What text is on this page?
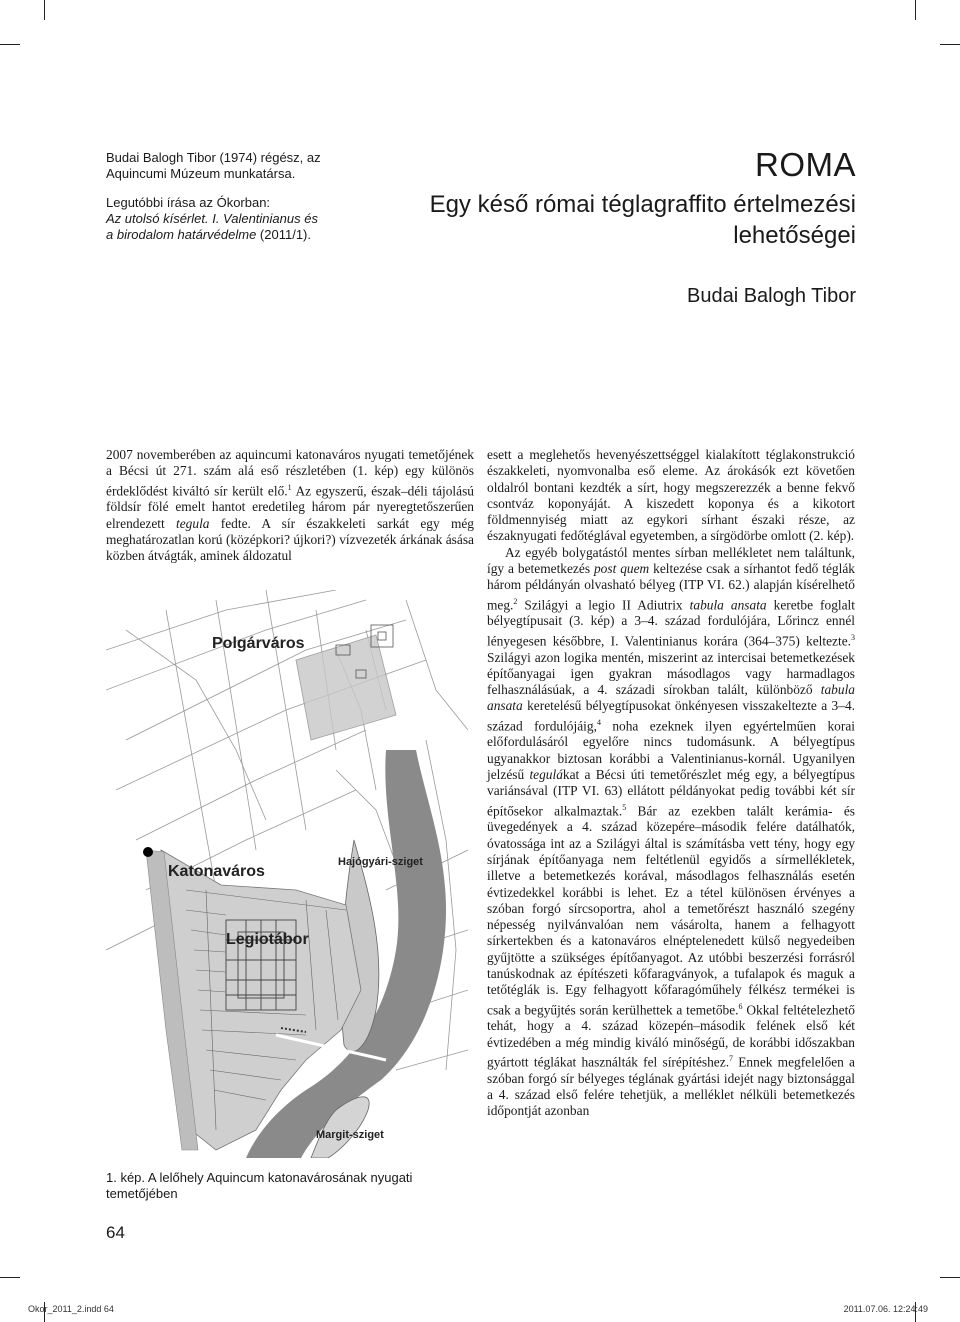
Budai Balogh Tibor (1974) régész, az Aquincumi Múzeum munkatársa.

Legutóbbi írása az Ókorban:
Az utolsó kísérlet. I. Valentinianus és
a birodalom határvédelme (2011/1).

ROMA
Egy késő római téglagraffito értelmezési
lehetőségei
Budai Balogh Tibor

2007 novemberében az aquincumi katonaváros nyugati temetőjének a Bécsi út 271. szám alá eső részletében (1. kép) egy különös érdeklődést kiváltó sír került elő.$^1$ Az egyszerű, észak–déli tájolású földsír fölé emelt hantot eredetileg három pár nyeregtetőszerűen elrendezett tegula fedte. A sír északkeleti sarkát egy még meghatározatlan korú (középkori? újkori?) vízvezeték árkának ásása közben átvágták, aminek áldozatul

Polgárváros
Katonaváros
Legiotábor
Hajógyári-sziget
Margit-sziget
1. kép. A lelőhely Aquincum katonavárosának nyugati temetőjében

esett a meglehetős hevenyészettséggel kialakított téglakonstrukció északkeleti, nyomvonalba eső eleme. Az árokásók ezt követően oldalról bontani kezdték a sírt, hogy megszerezzék a benne fekvő csontváz koponyáját. A kiszedett koponya és a kikotort földmennyiség miatt az egykori sírhant északi része, az északnyugati fedőtéglával egyetemben, a sírgödörbe omlott (2. kép).

Az egyéb bolygatástól mentes sírban mellékletet nem találtunk, így a betemetkezés post quem keltezése csak a sírhantot fedő téglák három példányán olvasható bélyeg (ITP VI. 62.) alapján kísérelhető meg.$^2$ Szilágyi a legio II Adiutrix tabula ansata keretbe foglalt bélyegtípusait (3. kép) a 3–4. század fordulójára, Lőrincz ennél lényegesen későbbre, I. Valentinianus korára (364–375) keltezte.$^3$ Szilágyi azon logika mentén, miszerint az intercisai betemetkezések építőanyagai igen gyakran másodlagos vagy harmadlagos felhasználásúak, a 4. századi sírokban talált, különböző tabula ansata keretelésű bélyegtípusokat önkényesen visszakeltezte a 3–4. század fordulójáig,$^4$ noha ezeknek ilyen egyértelműen korai előfordulásáról egyelőre nincs tudomásunk. A bélyegtípus ugyanakkor biztosan korábbi a Valentinianus-kornál. Ugyanilyen jelzésű tegulákat a Bécsi úti temetőrészlet még egy, a bélyegtípus variánsával (ITP VI. 63) ellátott példányokat pedig további két sír építősekor alkalmaztak.$^5$ Bár az ezekben talált kerámia- és üvegedények a 4. század közepére–második felére datálhatók, óvatossága int az a Szilágyi által is számításba vett tény, hogy egy sírjának építőanyaga nem feltétlenül egyidős a sírmellékletek, illetve a betemetkezés korával, másodlagos felhasználás esetén évtizedekkel korábbi is lehet. Ez a tétel különösen érvényes a szóban forgó sírcsoportra, ahol a temetőrészt használó szegény népesség nyilvánvalóan nem vásárolta, hanem a felhagyott sírkertekben és a katonaváros elnéptelenedett külső negyedeiben gyűjtötte a szükséges építőanyagot. Az utóbbi beszerzési forrásról tanúskodnak az építészeti kőfaragványok, a tufalapok és maguk a tetőtéglák is. Egy felhagyott kőfaragóműhely félkész termékei is csak a begyűjtés során kerülhettek a temetőbe.$^6$ Okkal feltételezhető tehát, hogy a 4. század közepén–második felének első két évtizedében a még mindig kiváló minőségű, de korábbi időszakban gyártott téglákat használták fel sírépítéshez.$^7$ Ennek megfelelően a szóban forgó sír bélyeges téglának gyártási idejét nagy biztonsággal a 4. század első felére tehetjük, a melléklet nélküli betemetkezés időpontját azonban

64
Okor_2011_2.indd 64	2011.07.06. 12:24:49
